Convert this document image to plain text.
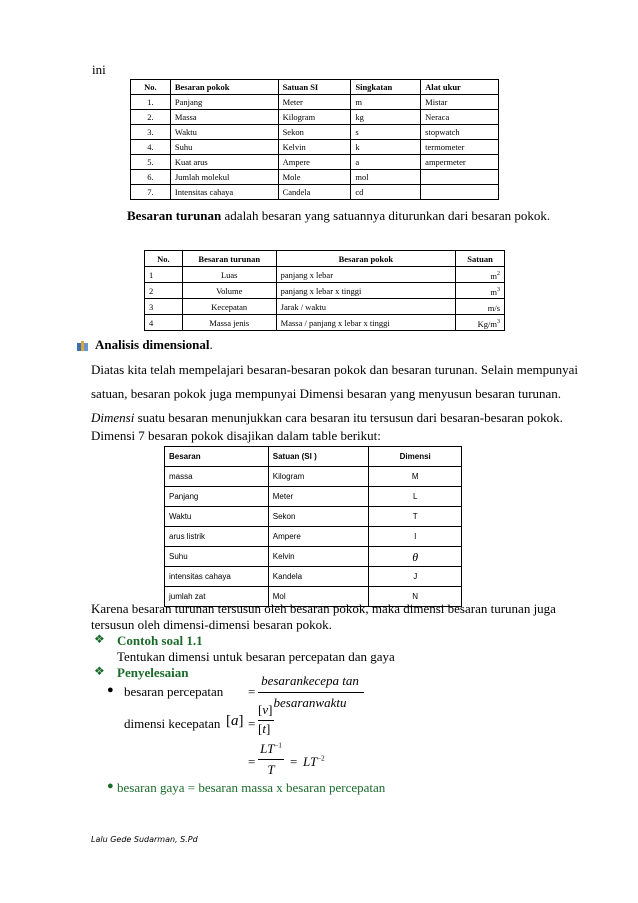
ini
No.	Besaran pokok	Satuan SI	Singkatan	Alat ukur
1.	Panjang	Meter	m	Mistar
2.	Massa	Kilogram	kg	Neraca
3.	Waktu	Sekon	s	stopwatch
4.	Suhu	Kelvin	k	termometer
5.	Kuat arus	Ampere	a	ampermeter
6.	Jumlah molekul	Mole	mol	
7.	Intensitas cahaya	Candela	cd	
Besaran turunan adalah besaran yang satuannya diturunkan dari besaran pokok.
No.	Besaran turunan	Besaran pokok	Satuan
1	Luas	panjang x lebar	$m^2$
2	Volume	panjang x lebar x tinggi	$m^3$
3	Kecepatan	Jarak / waktu	m/s
4	Massa jenis	Massa / panjang x lebar x tinggi	$Kg/m^3$
Analisis dimensional.
Diatas kita telah mempelajari besaran-besaran pokok dan besaran turunan. Selain mempunyai
satuan, besaran pokok juga mempunyai Dimensi besaran yang menyusun besaran turunan.
Dimensi suatu besaran menunjukkan cara besaran itu tersusun dari besaran-besaran pokok.
Dimensi 7 besaran pokok disajikan dalam table berikut:
Besaran	Satuan (SI )	Dimensi
massa	Kilogram	M
Panjang	Meter	L
Waktu	Sekon	T
arus listrik	Ampere	I
Suhu	Kelvin	θ
intensitas cahaya	Kandela	J
jumlah zat	Mol	N
Karena besaran turunan tersusun oleh besaran pokok, maka dimensi besaran turunan juga
tersusun oleh dimensi-dimensi besaran pokok.
❖ Contoh soal 1.1
Tentukan dimensi untuk besaran percepatan dan gaya
❖ Penyelesaian
● besaran percepatan =
besarankecepa tan
besaranwaktu
dimensi kecepatan [a] =
[v]
[t]
=
$LT^{-1}$
T
= $LT^{-2}$
● besaran gaya = besaran massa x besaran percepatan
Lalu Gede Sudarman, S.Pd
